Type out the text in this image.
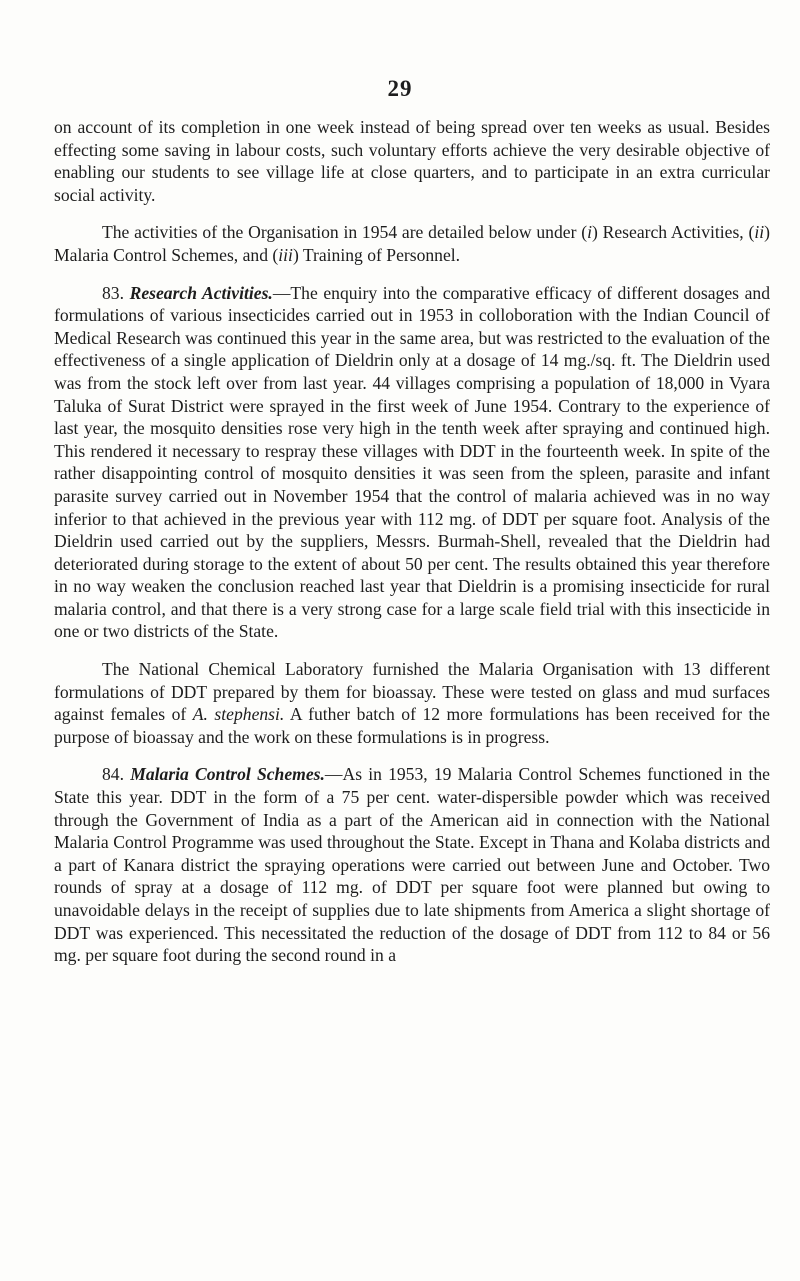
29

on account of its completion in one week instead of being spread over ten weeks as usual. Besides effecting some saving in labour costs, such voluntary efforts achieve the very desirable objective of enabling our students to see village life at close quarters, and to participate in an extra curricular social activity.

The activities of the Organisation in 1954 are detailed below under (i) Research Activities, (ii) Malaria Control Schemes, and (iii) Training of Personnel.

83. Research Activities.—The enquiry into the comparative efficacy of different dosages and formulations of various insecticides carried out in 1953 in colloboration with the Indian Council of Medical Research was continued this year in the same area, but was restricted to the evaluation of the effectiveness of a single application of Dieldrin only at a dosage of 14 mg./sq. ft. The Dieldrin used was from the stock left over from last year. 44 villages comprising a population of 18,000 in Vyara Taluka of Surat District were sprayed in the first week of June 1954. Contrary to the experience of last year, the mosquito densities rose very high in the tenth week after spraying and continued high. This rendered it necessary to respray these villages with DDT in the fourteenth week. In spite of the rather disappointing control of mosquito densities it was seen from the spleen, parasite and infant parasite survey carried out in November 1954 that the control of malaria achieved was in no way inferior to that achieved in the previous year with 112 mg. of DDT per square foot. Analysis of the Dieldrin used carried out by the suppliers, Messrs. Burmah-Shell, revealed that the Dieldrin had deteriorated during storage to the extent of about 50 per cent. The results obtained this year therefore in no way weaken the conclusion reached last year that Dieldrin is a promising insecticide for rural malaria control, and that there is a very strong case for a large scale field trial with this insecticide in one or two districts of the State.

The National Chemical Laboratory furnished the Malaria Organisation with 13 different formulations of DDT prepared by them for bioassay. These were tested on glass and mud surfaces against females of A. stephensi. A futher batch of 12 more formulations has been received for the purpose of bioassay and the work on these formulations is in progress.

84. Malaria Control Schemes.—As in 1953, 19 Malaria Control Schemes functioned in the State this year. DDT in the form of a 75 per cent. water-dispersible powder which was received through the Government of India as a part of the American aid in connection with the National Malaria Control Programme was used throughout the State. Except in Thana and Kolaba districts and a part of Kanara district the spraying operations were carried out between June and October. Two rounds of spray at a dosage of 112 mg. of DDT per square foot were planned but owing to unavoidable delays in the receipt of supplies due to late shipments from America a slight shortage of DDT was experienced. This necessitated the reduction of the dosage of DDT from 112 to 84 or 56 mg. per square foot during the second round in a
